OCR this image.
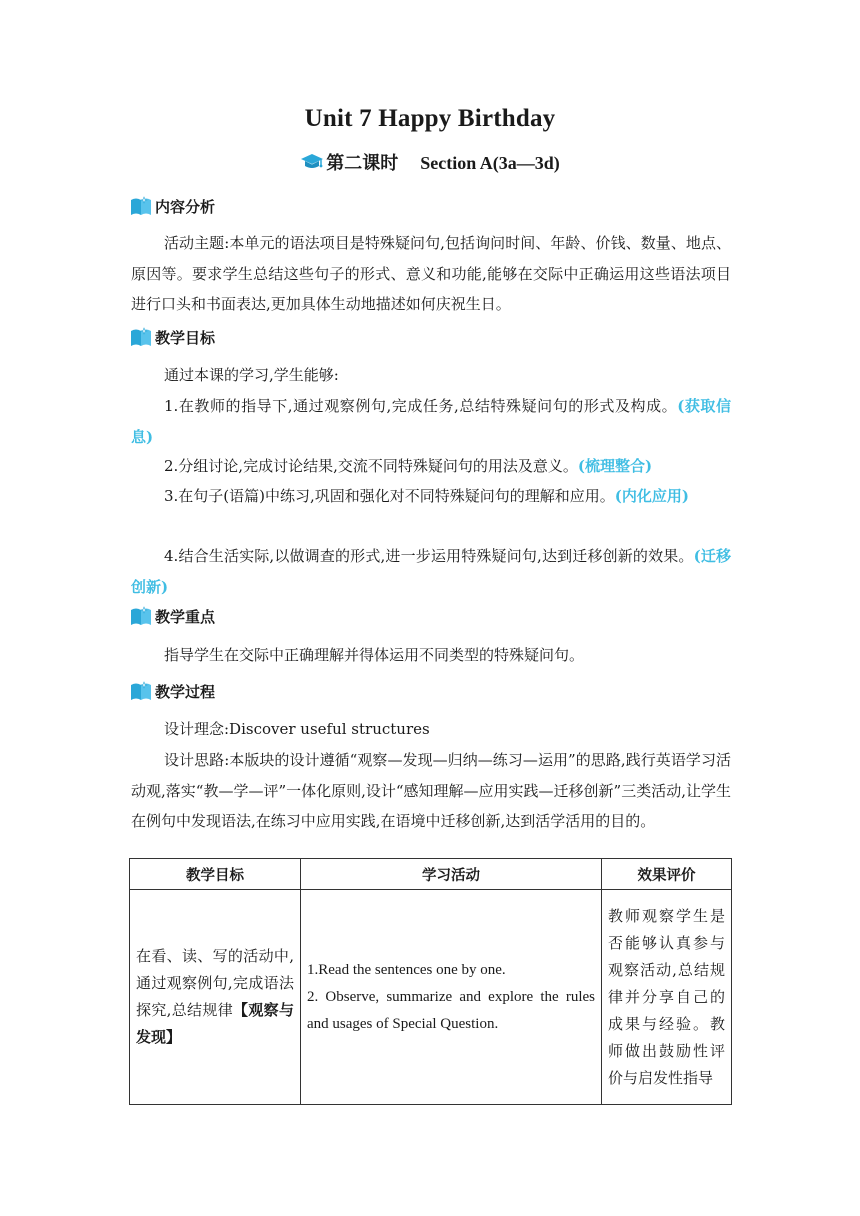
Unit 7 Happy Birthday
第二课时 Section A(3a—3d)
内容分析

活动主题:本单元的语法项目是特殊疑问句,包括询问时间、年龄、价钱、数量、地点、原因等。要求学生总结这些句子的形式、意义和功能,能够在交际中正确运用这些语法项目进行口头和书面表达,更加具体生动地描述如何庆祝生日。

教学目标

通过本课的学习,学生能够:

1.在教师的指导下,通过观察例句,完成任务,总结特殊疑问句的形式及构成。(获取信息)

2.分组讨论,完成讨论结果,交流不同特殊疑问句的用法及意义。(梳理整合)

3.在句子(语篇)中练习,巩固和强化对不同特殊疑问句的理解和应用。(内化应用)

4.结合生活实际,以做调查的形式,进一步运用特殊疑问句,达到迁移创新的效果。(迁移创新)

教学重点

指导学生在交际中正确理解并得体运用不同类型的特殊疑问句。

教学过程

设计理念:Discover useful structures

设计思路:本版块的设计遵循“观察—发现—归纳—练习—运用”的思路,践行英语学习活动观,落实“教—学—评”一体化原则,设计“感知理解—应用实践—迁移创新”三类活动,让学生在例句中发现语法,在练习中应用实践,在语境中迁移创新,达到活学活用的目的。

教学目标	学习活动	效果评价
在看、读、写的活动中,通过观察例句,完成语法探究,总结规律【观察与发现】	1.Read the sentences one by one.
2. Observe, summarize and explore the rules and usages of Special Question.	教师观察学生是否能够认真参与观察活动,总结规律并分享自己的成果与经验。教师做出鼓励性评价与启发性指导
